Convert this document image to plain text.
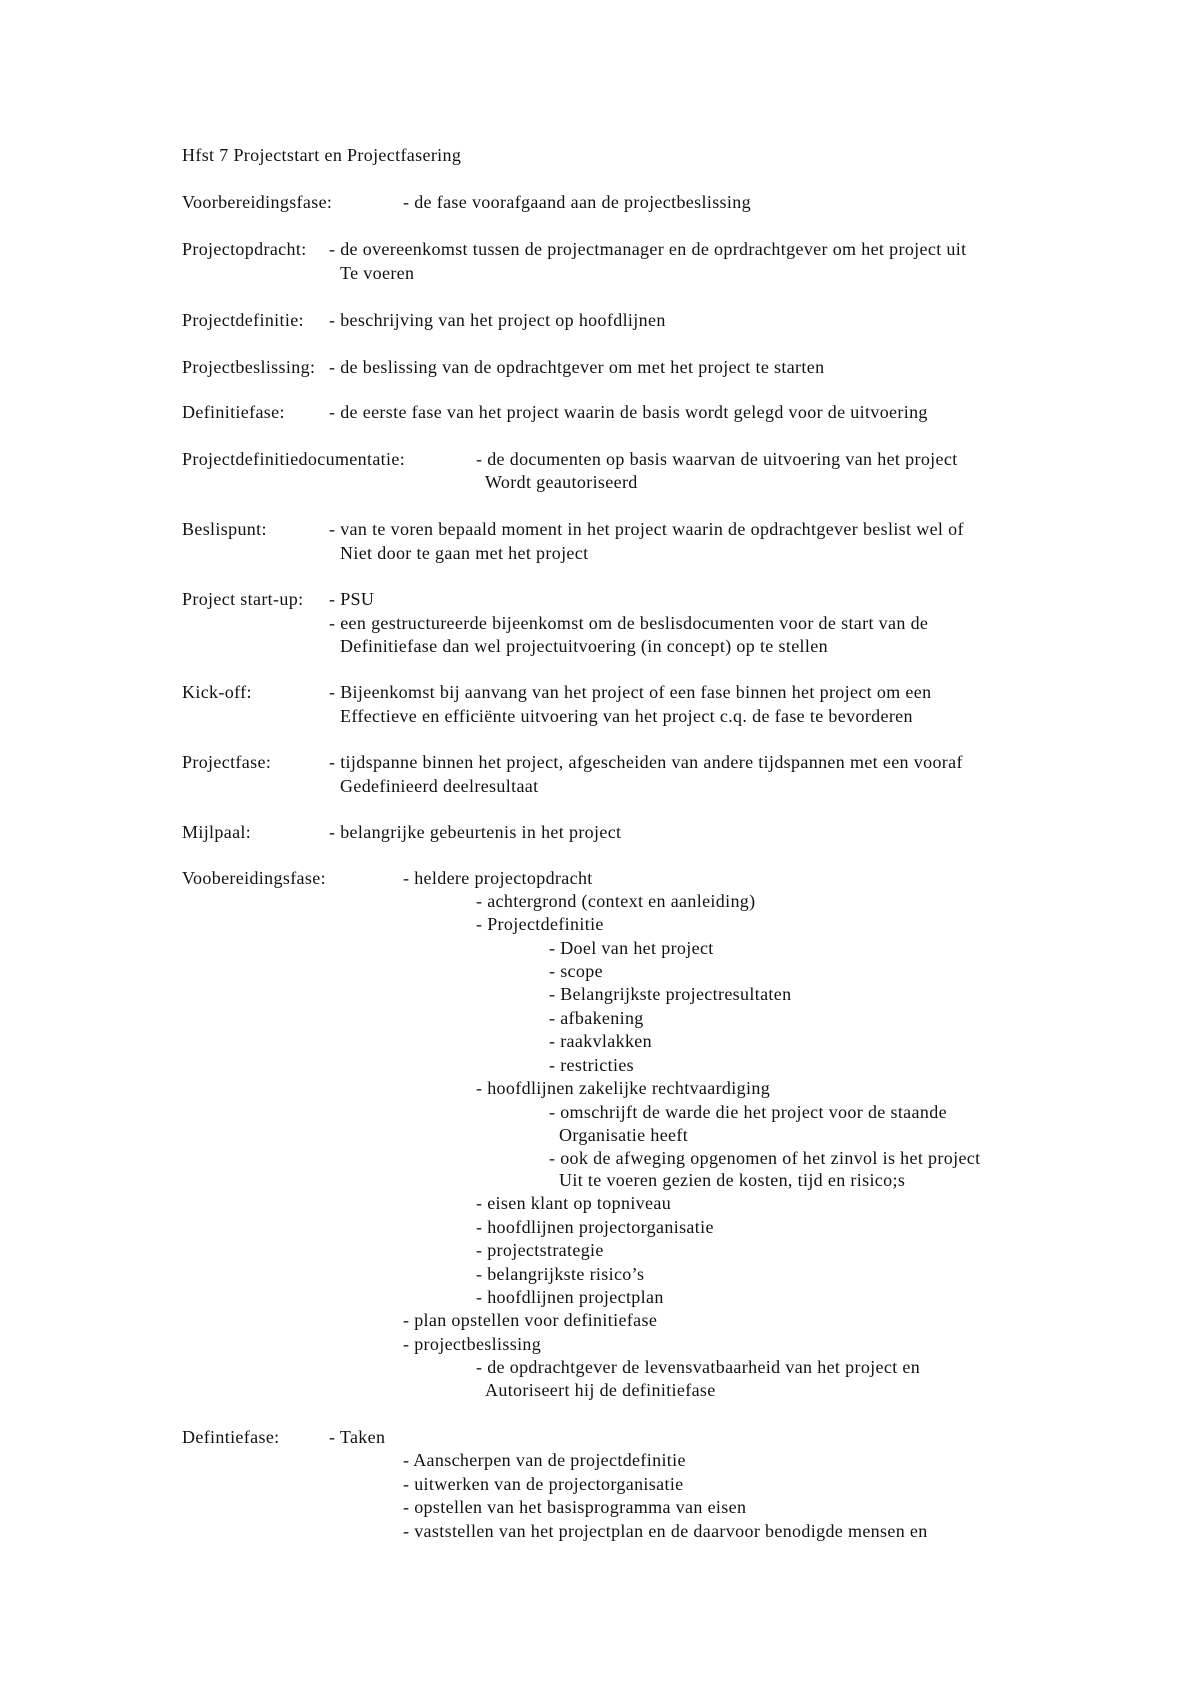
Hfst 7 Projectstart en Projectfasering
Voorbereidingsfase:	- de fase voorafgaand aan de projectbeslissing
Projectopdracht: - de overeenkomst tussen de projectmanager en de oprdrachtgever om het project uit
Te voeren
Projectdefinitie: - beschrijving van het project op hoofdlijnen
Projectbeslissing: - de beslissing van de opdrachtgever om met het project te starten
Definitiefase: - de eerste fase van het project waarin de basis wordt gelegd voor de uitvoering
Projectdefinitiedocumentatie:	- de documenten op basis waarvan de uitvoering van het project
Wordt geautoriseerd
Beslispunt:	- van te voren bepaald moment in het project waarin de opdrachtgever beslist wel of
Niet door te gaan met het project
Project start-up: - PSU
- een gestructureerde bijeenkomst om de beslisdocumenten voor de start van de
Definitiefase dan wel projectuitvoering (in concept) op te stellen
Kick-off:	- Bijeenkomst bij aanvang van het project of een fase binnen het project om een
Effectieve en efficiënte uitvoering van het project c.q. de fase te bevorderen
Projectfase:	- tijdspanne binnen het project, afgescheiden van andere tijdspannen met een vooraf
Gedefinieerd deelresultaat
Mijlpaal:	- belangrijke gebeurtenis in het project
Voobereidingsfase:	- heldere projectopdracht
- achtergrond (context en aanleiding)
- Projectdefinitie
- Doel van het project
- scope
- Belangrijkste projectresultaten
- afbakening
- raakvlakken
- restricties
- hoofdlijnen zakelijke rechtvaardiging
- omschrijft de warde die het project voor de staande
Organisatie heeft
- ook de afweging opgenomen of het zinvol is het project
Uit te voeren gezien de kosten, tijd en risico;s
- eisen klant op topniveau
- hoofdlijnen projectorganisatie
- projectstrategie
- belangrijkste risico’s
- hoofdlijnen projectplan
- plan opstellen voor definitiefase
- projectbeslissing
- de opdrachtgever de levensvatbaarheid van het project en
Autoriseert hij de definitiefase
Defintiefase:	- Taken
- Aanscherpen van de projectdefinitie
- uitwerken van de projectorganisatie
- opstellen van het basisprogramma van eisen
- vaststellen van het projectplan en de daarvoor benodigde mensen en
